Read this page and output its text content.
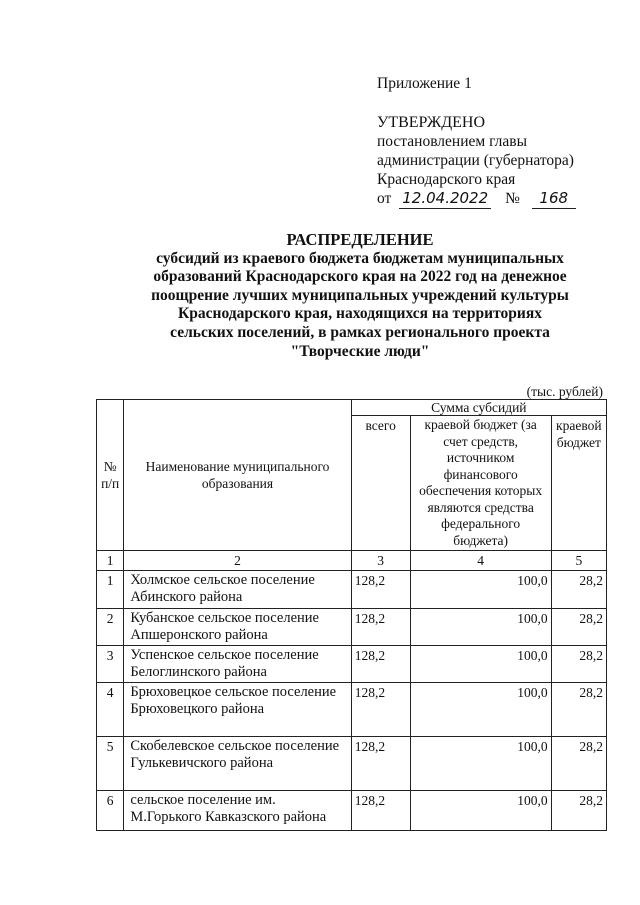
Приложение 1
УТВЕРЖДЕНО
постановлением главы
администрации (губернатора)
Краснодарского края
от 12.04.2022 № 168
РАСПРЕДЕЛЕНИЕ
субсидий из краевого бюджета бюджетам муниципальных
образований Краснодарского края на 2022 год на денежное
поощрение лучших муниципальных учреждений культуры
Краснодарского края, находящихся на территориях
сельских поселений, в рамках регионального проекта
"Творческие люди"
(тыс. рублей)
№ п/п	Наименование муниципального образования	Сумма субсидий		
		всего	краевой бюджет (за счет средств, источником финансового обеспечения которых являются средства федерального бюджета)	краевой бюджет
1	2	3	4	5
1	Холмское сельское поселение Абинского района	128,2	100,0	28,2
2	Кубанское сельское поселение Апшеронского района	128,2	100,0	28,2
3	Успенское сельское поселение Белоглинского района	128,2	100,0	28,2
4	Брюховецкое сельское поселение Брюховецкого района	128,2	100,0	28,2
5	Скобелевское сельское поселение Гулькевичского района	128,2	100,0	28,2
6	сельское поселение им. М.Горького Кавказского района	128,2	100,0	28,2
